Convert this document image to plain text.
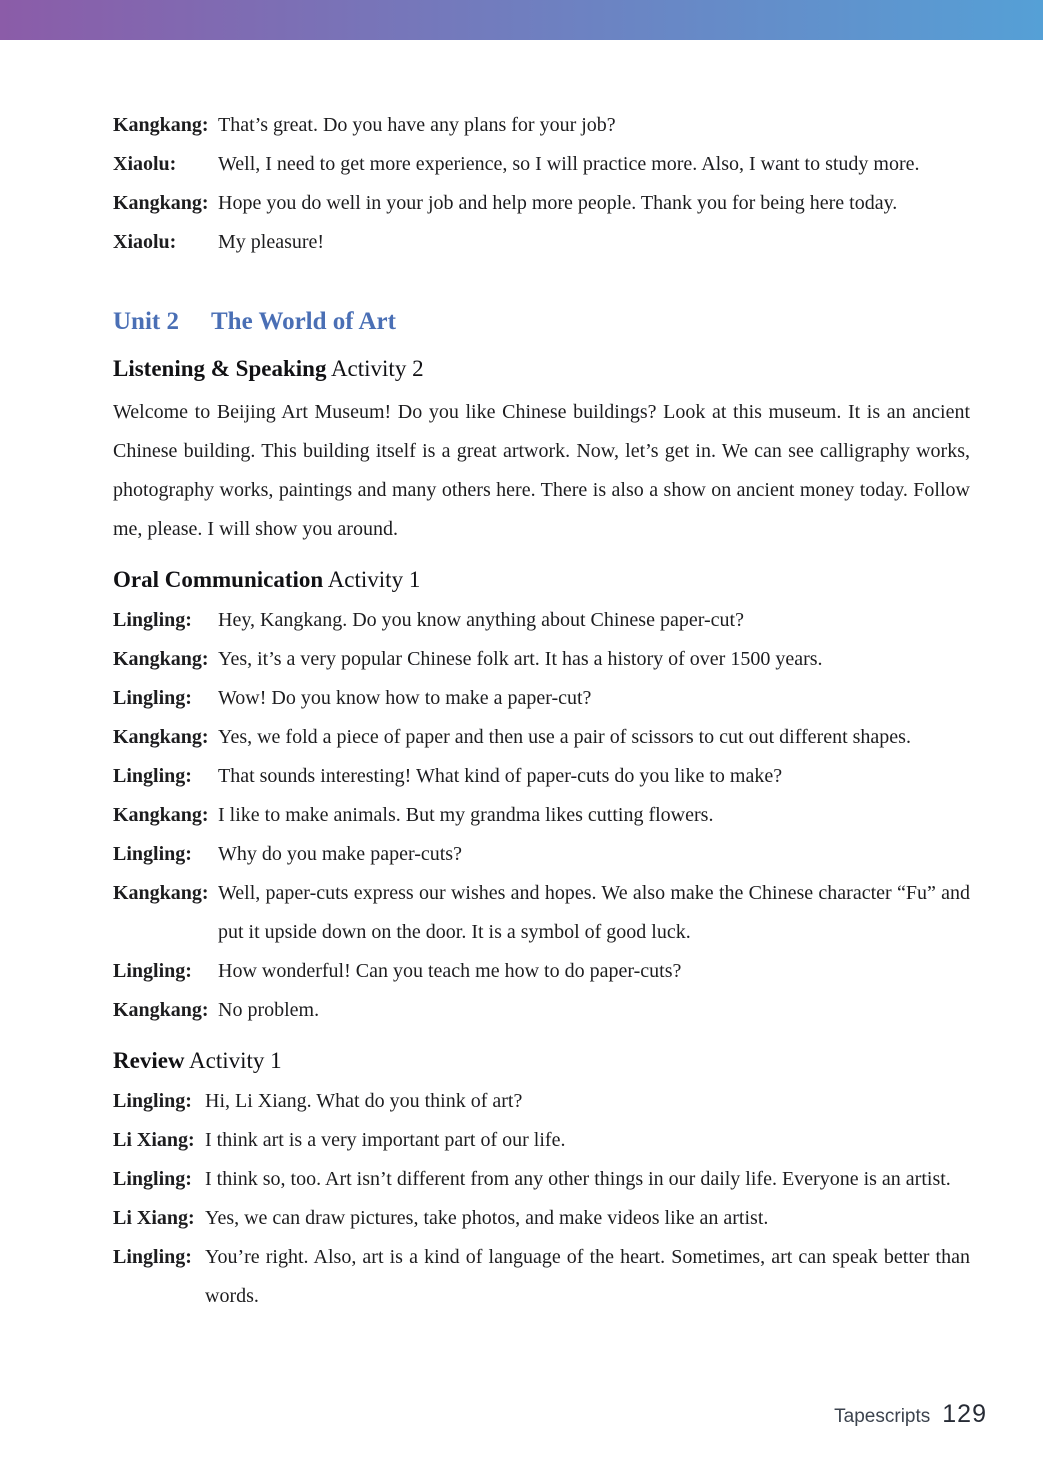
Kangkang: That’s great. Do you have any plans for your job?
Xiaolu:	Well, I need to get more experience, so I will practice more. Also, I want to study more.
Kangkang: Hope you do well in your job and help more people. Thank you for being here today.
Xiaolu:	My pleasure!
Unit 2 The World of Art
Listening & Speaking Activity 2

Welcome to Beijing Art Museum! Do you like Chinese buildings? Look at this museum. It is an ancient Chinese building. This building itself is a great artwork. Now, let’s get in. We can see calligraphy works, photography works, paintings and many others here. There is also a show on ancient money today. Follow me, please. I will show you around.

Oral Communication Activity 1
Lingling:	Hey, Kangkang. Do you know anything about Chinese paper-cut?
Kangkang: Yes, it’s a very popular Chinese folk art. It has a history of over 1500 years.
Lingling:	Wow! Do you know how to make a paper-cut?
Kangkang: Yes, we fold a piece of paper and then use a pair of scissors to cut out different shapes.
Lingling:	That sounds interesting! What kind of paper-cuts do you like to make?
Kangkang: I like to make animals. But my grandma likes cutting flowers.
Lingling:	Why do you make paper-cuts?
Kangkang: Well, paper-cuts express our wishes and hopes. We also make the Chinese character “Fu” and put it upside down on the door. It is a symbol of good luck.
Lingling:	How wonderful! Can you teach me how to do paper-cuts?
Kangkang: No problem.
Review Activity 1
Lingling: Hi, Li Xiang. What do you think of art?
Li Xiang: I think art is a very important part of our life.
Lingling: I think so, too. Art isn’t different from any other things in our daily life. Everyone is an artist.
Li Xiang: Yes, we can draw pictures, take photos, and make videos like an artist.
Lingling: You’re right. Also, art is a kind of language of the heart. Sometimes, art can speak better than words.
Tapescripts 129
